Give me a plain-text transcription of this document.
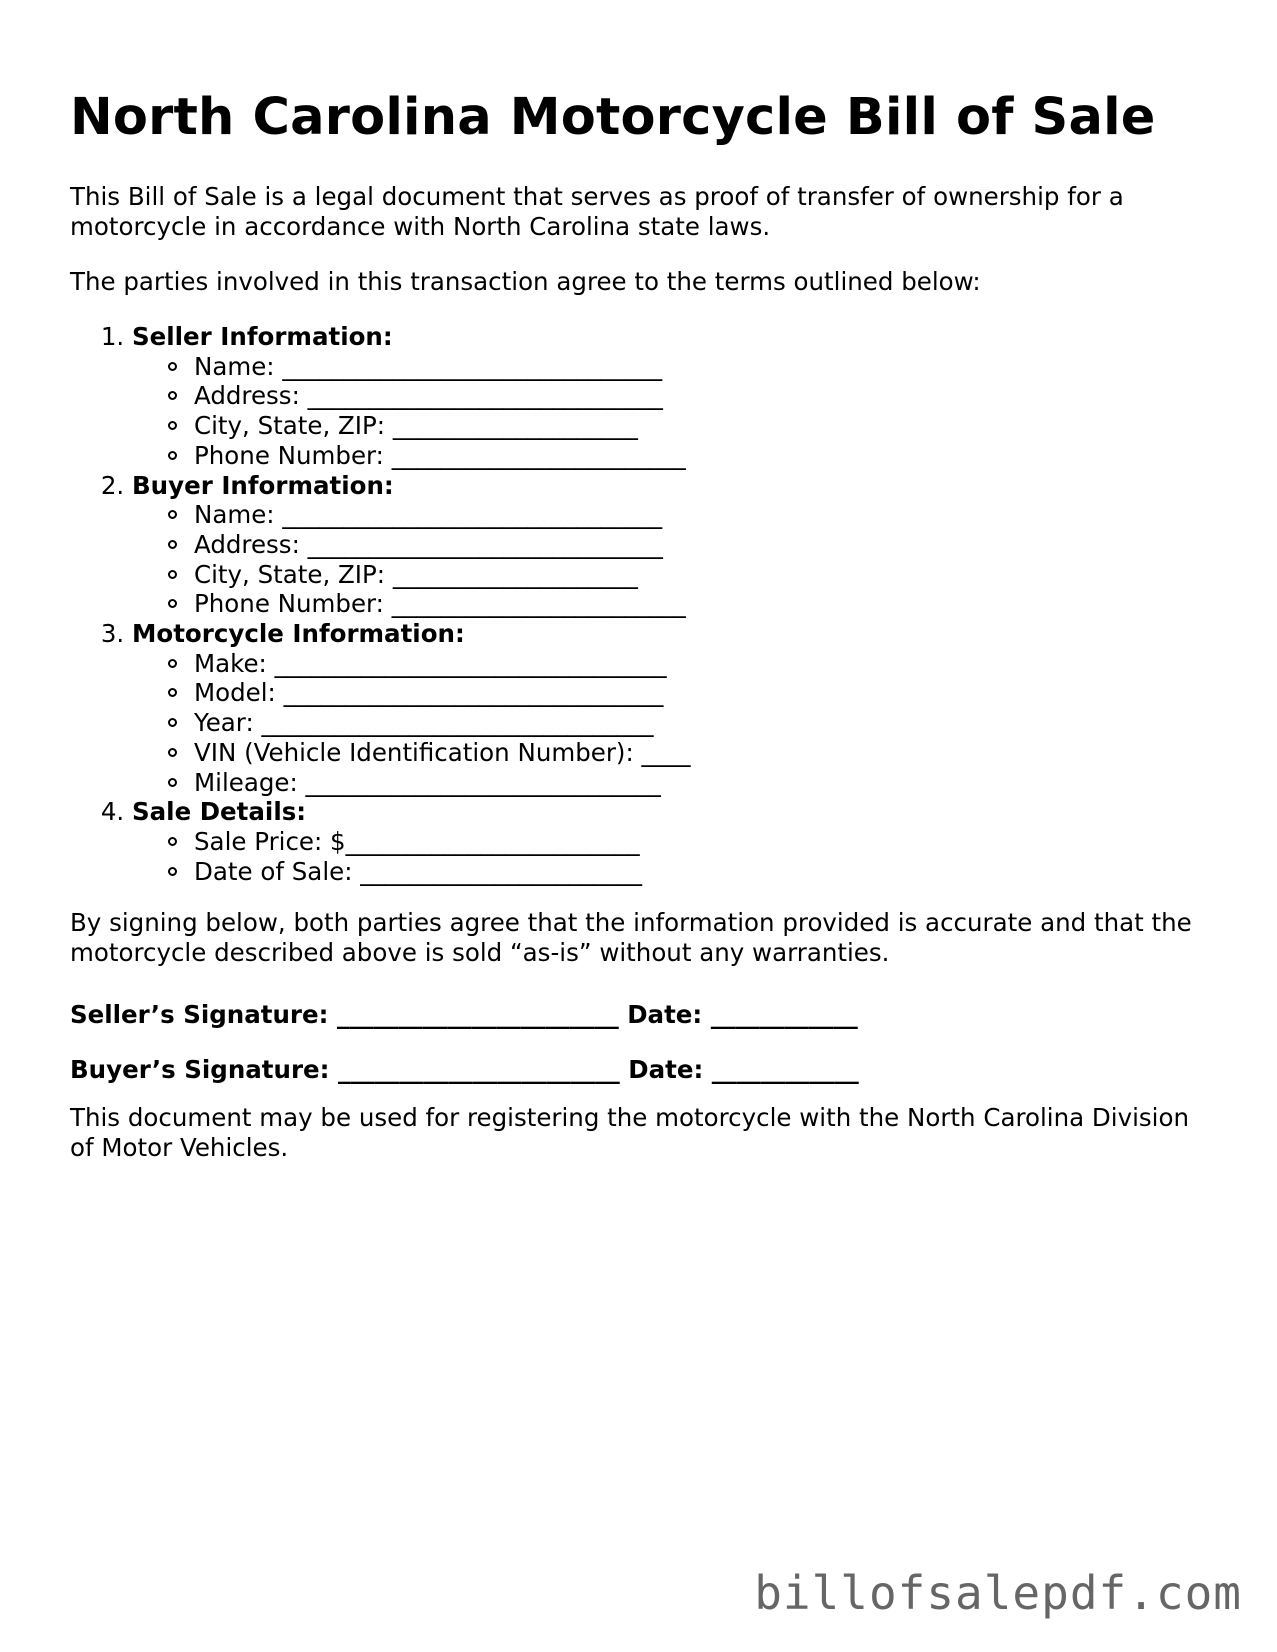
North Carolina Motorcycle Bill of Sale

This Bill of Sale is a legal document that serves as proof of transfer of ownership for a motorcycle in accordance with North Carolina state laws.

The parties involved in this transaction agree to the terms outlined below:

1. Seller Information:
Name: _______________________________
Address: _____________________________
City, State, ZIP: ____________________
Phone Number: ________________________
2. Buyer Information:
Name: _______________________________
Address: _____________________________
City, State, ZIP: ____________________
Phone Number: ________________________
3. Motorcycle Information:
Make: ________________________________
Model: _______________________________
Year: ________________________________
VIN (Vehicle Identification Number): ____
Mileage: _____________________________
4. Sale Details:
Sale Price: $________________________
Date of Sale: _______________________

By signing below, both parties agree that the information provided is accurate and that the motorcycle described above is sold “as-is” without any warranties.

Seller’s Signature: _______________________ Date: ____________

Buyer’s Signature: _______________________ Date: ____________

This document may be used for registering the motorcycle with the North Carolina Division of Motor Vehicles.

billofsalepdf.com
